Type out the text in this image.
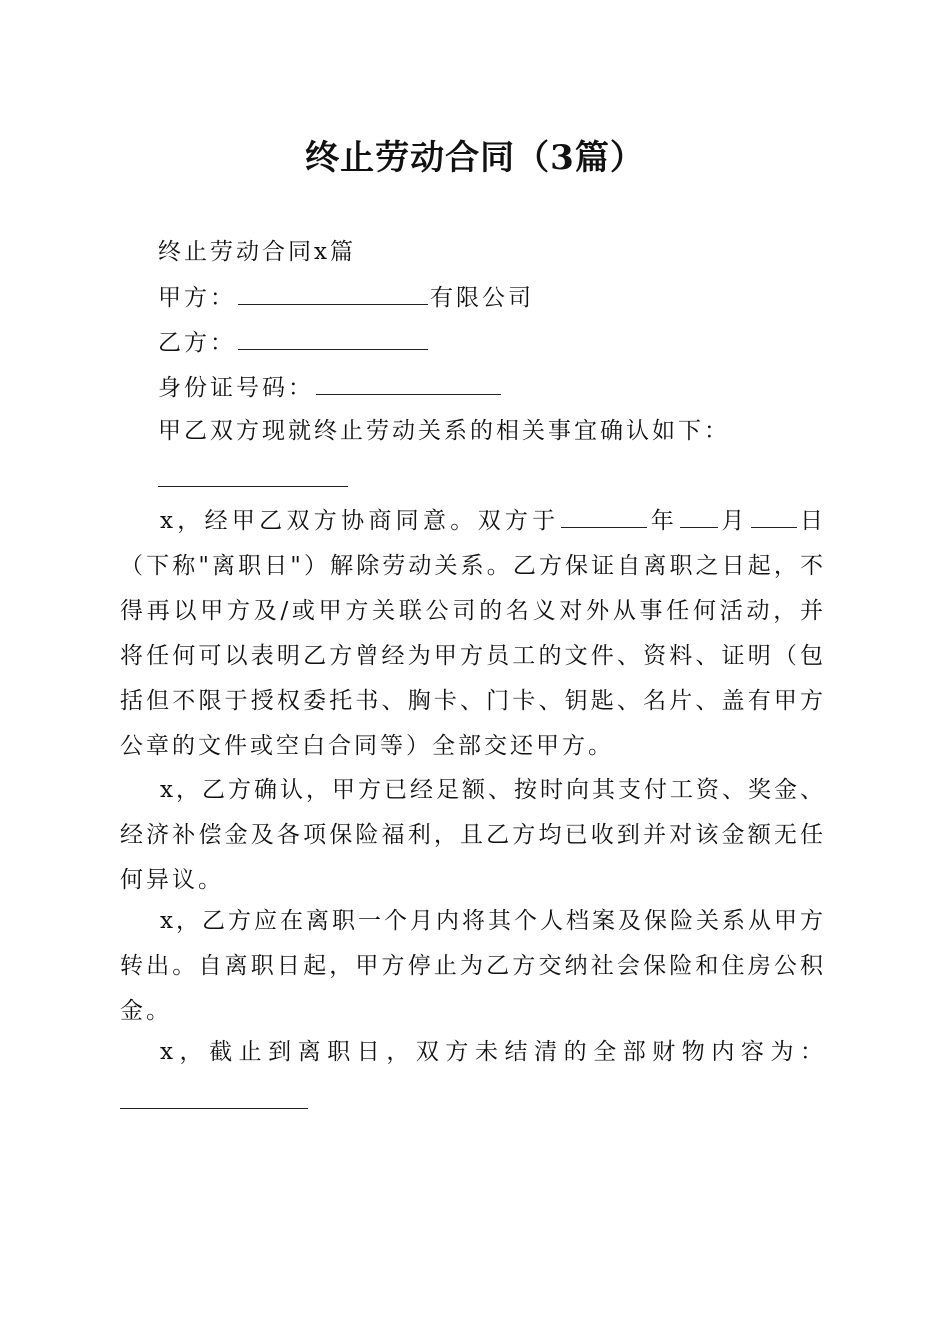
终止劳动合同（3篇）
终止劳动合同x篇
甲方：	有限公司
乙方：
身份证号码：
甲乙双方现就终止劳动关系的相关事宜确认如下：
x，经甲乙双方协商同意。双方于	年 月 日（下称"离职日"）解除劳动关系。乙方保证自离职之日起，不得再以甲方及/或甲方关联公司的名义对外从事任何活动，并将任何可以表明乙方曾经为甲方员工的文件、资料、证明（包括但不限于授权委托书、胸卡、门卡、钥匙、名片、盖有甲方公章的文件或空白合同等）全部交还甲方。
x，乙方确认，甲方已经足额、按时向其支付工资、奖金、经济补偿金及各项保险福利，且乙方均已收到并对该金额无任何异议。
x，乙方应在离职一个月内将其个人档案及保险关系从甲方转出。自离职日起，甲方停止为乙方交纳社会保险和住房公积金。
x，截止到离职日，双方未结清的全部财物内容为：
